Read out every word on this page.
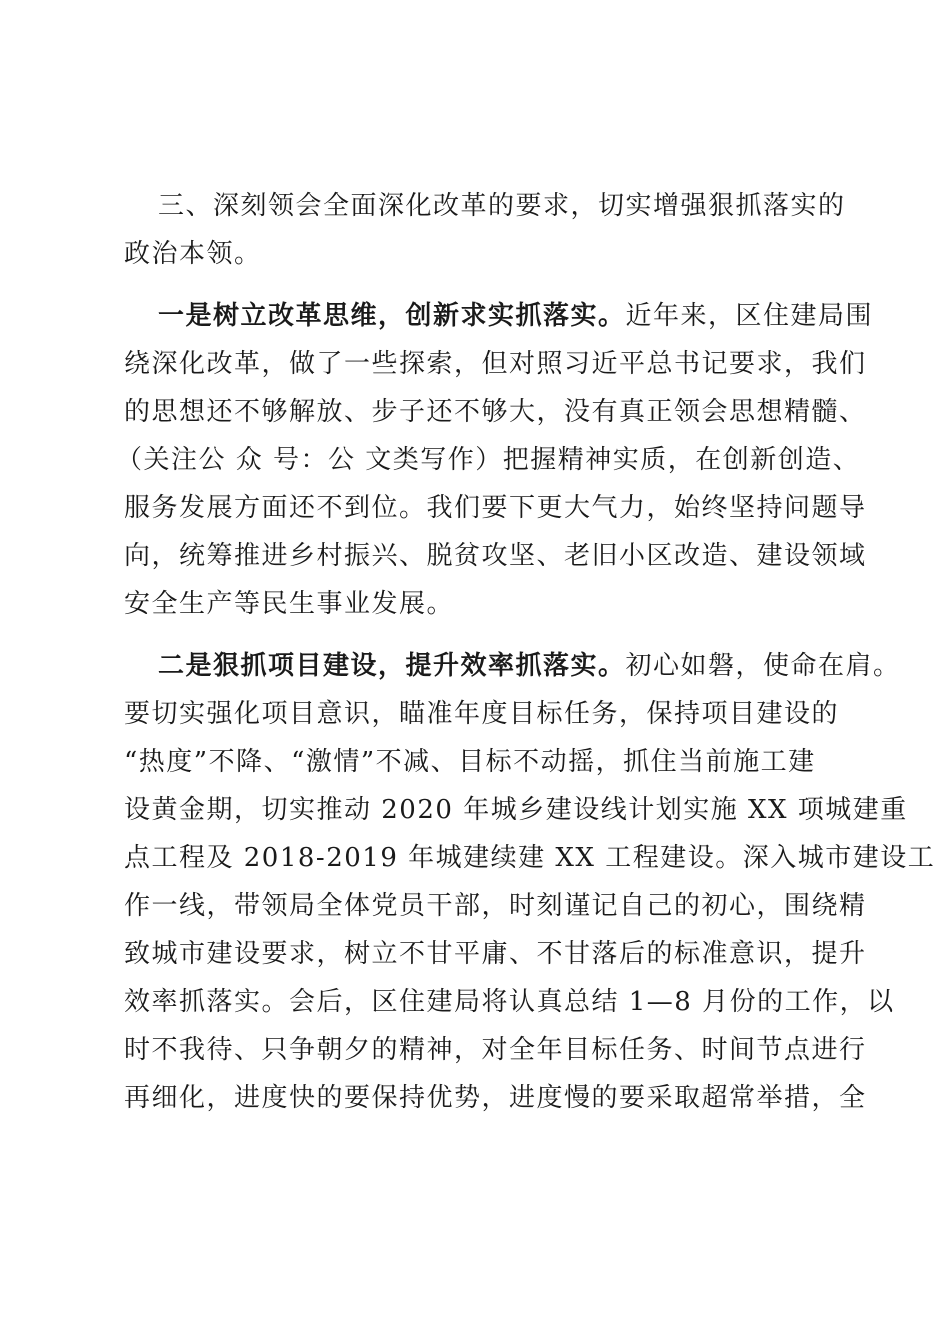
三、深刻领会全面深化改革的要求，切实增强狠抓落实的
政治本领。
一是树立改革思维，创新求实抓落实。近年来，区住建局围
绕深化改革，做了一些探索，但对照习近平总书记要求，我们
的思想还不够解放、步子还不够大，没有真正领会思想精髓、
（关注公 众 号：公 文类写作）把握精神实质，在创新创造、
服务发展方面还不到位。我们要下更大气力，始终坚持问题导
向，统筹推进乡村振兴、脱贫攻坚、老旧小区改造、建设领域
安全生产等民生事业发展。
二是狠抓项目建设，提升效率抓落实。初心如磐，使命在肩。
要切实强化项目意识，瞄准年度目标任务，保持项目建设的
“热度”不降、“激情”不减、目标不动摇，抓住当前施工建
设黄金期，切实推动 2020 年城乡建设线计划实施 XX 项城建重
点工程及 2018-2019 年城建续建 XX 工程建设。深入城市建设工
作一线，带领局全体党员干部，时刻谨记自己的初心，围绕精
致城市建设要求，树立不甘平庸、不甘落后的标准意识，提升
效率抓落实。会后，区住建局将认真总结 1—8 月份的工作，以
时不我待、只争朝夕的精神，对全年目标任务、时间节点进行
再细化，进度快的要保持优势，进度慢的要采取超常举措，全
